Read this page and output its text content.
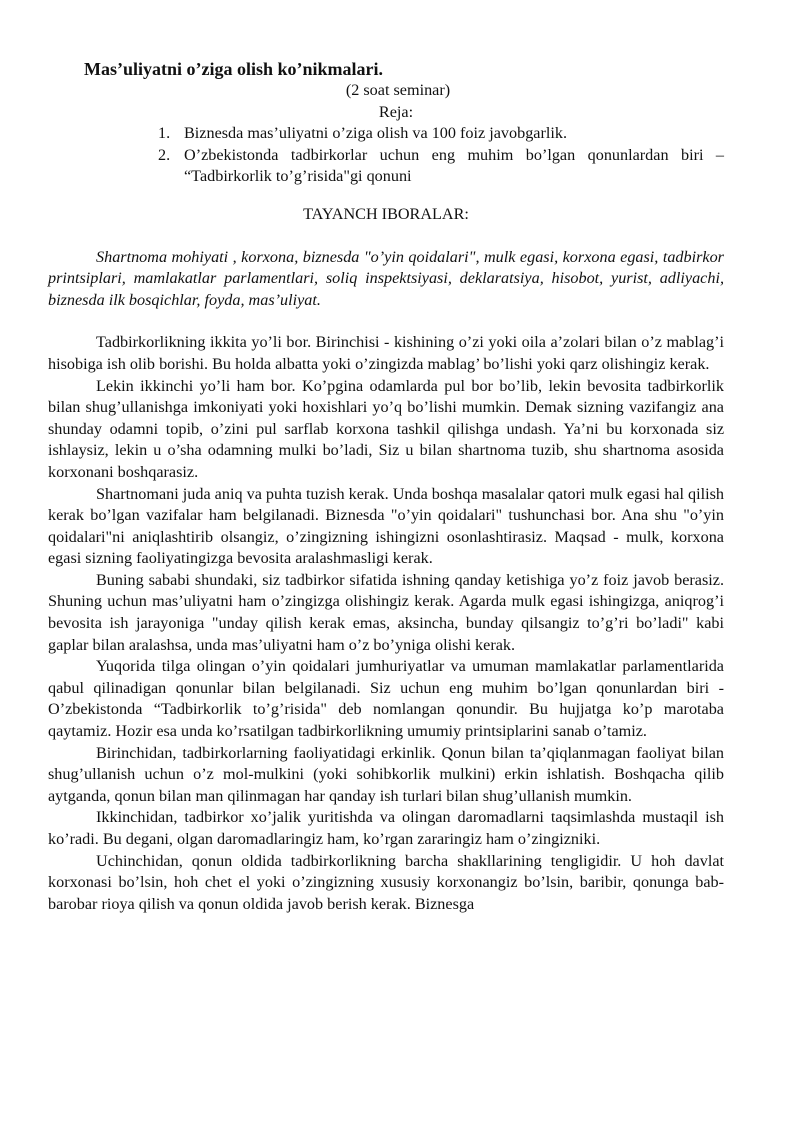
Mas’uliyatni o’ziga olish ko’nikmalari.

(2 soat seminar)

Reja:

1. Biznesda mas’uliyatni o’ziga olish va 100 foiz javobgarlik.
2. O’zbekistonda tadbirkorlar uchun eng muhim bo’lgan qonunlardan biri – “Tadbirkorlik to’g’risida"gi qonuni

TAYANCH IBORALAR:

Shartnoma mohiyati , korxona, biznesda "o’yin qoidalari", mulk egasi, korxona egasi, tadbirkor printsiplari, mamlakatlar parlamentlari, soliq inspektsiyasi, deklaratsiya, hisobot, yurist, adliyachi, biznesda ilk bosqichlar, foyda, mas’uliyat.

Tadbirkorlikning ikkita yo’li bor. Birinchisi - kishining o’zi yoki oila a’zolari bilan o’z mablag’i hisobiga ish olib borishi. Bu holda albatta yoki o’zingizda mablag’ bo’lishi yoki qarz olishingiz kerak.

Lekin ikkinchi yo’li ham bor. Ko’pgina odamlarda pul bor bo’lib, lekin bevosita tadbirkorlik bilan shug’ullanishga imkoniyati yoki hoxishlari yo’q bo’lishi mumkin. Demak sizning vazifangiz ana shunday odamni topib, o’zini pul sarflab korxona tashkil qilishga undash. Ya’ni bu korxonada siz ishlaysiz, lekin u o’sha odamning mulki bo’ladi, Siz u bilan shartnoma tuzib, shu shartnoma asosida korxonani boshqarasiz.

Shartnomani juda aniq va puhta tuzish kerak. Unda boshqa masalalar qatori mulk egasi hal qilish kerak bo’lgan vazifalar ham belgilanadi. Biznesda "o’yin qoidalari" tushunchasi bor. Ana shu "o’yin qoidalari"ni aniqlashtirib olsangiz, o’zingizning ishingizni osonlashtirasiz. Maqsad - mulk, korxona egasi sizning faoliyatingizga bevosita aralashmasligi kerak.

Buning sababi shundaki, siz tadbirkor sifatida ishning qanday ketishiga yo’z foiz javob berasiz. Shuning uchun mas’uliyatni ham o’zingizga olishingiz kerak. Agarda mulk egasi ishingizga, aniqrog’i bevosita ish jarayoniga "unday qilish kerak emas, aksincha, bunday qilsangiz to’g’ri bo’ladi" kabi gaplar bilan aralashsa, unda mas’uliyatni ham o’z bo’yniga olishi kerak.

Yuqorida tilga olingan o’yin qoidalari jumhuriyatlar va umuman mamlakatlar parlamentlarida qabul qilinadigan qonunlar bilan belgilanadi. Siz uchun eng muhim bo’lgan qonunlardan biri - O’zbekistonda “Tadbirkorlik to’g’risida" deb nomlangan qonundir. Bu hujjatga ko’p marotaba qaytamiz. Hozir esa unda ko’rsatilgan tadbirkorlikning umumiy printsiplarini sanab o’tamiz.

Birinchidan, tadbirkorlarning faoliyatidagi erkinlik. Qonun bilan ta’qiqlanmagan faoliyat bilan shug’ullanish uchun o’z mol-mulkini (yoki sohibkorlik mulkini) erkin ishlatish. Boshqacha qilib aytganda, qonun bilan man qilinmagan har qanday ish turlari bilan shug’ullanish mumkin.

Ikkinchidan, tadbirkor xo’jalik yuritishda va olingan daromadlarni taqsimlashda mustaqil ish ko’radi. Bu degani, olgan daromadlaringiz ham, ko’rgan zararingiz ham o’zingizniki.

Uchinchidan, qonun oldida tadbirkorlikning barcha shakllarining tengligidir. U hoh davlat korxonasi bo’lsin, hoh chet el yoki o’zingizning xususiy korxonangiz bo’lsin, baribir, qonunga bab-barobar rioya qilish va qonun oldida javob berish kerak. Biznesga
